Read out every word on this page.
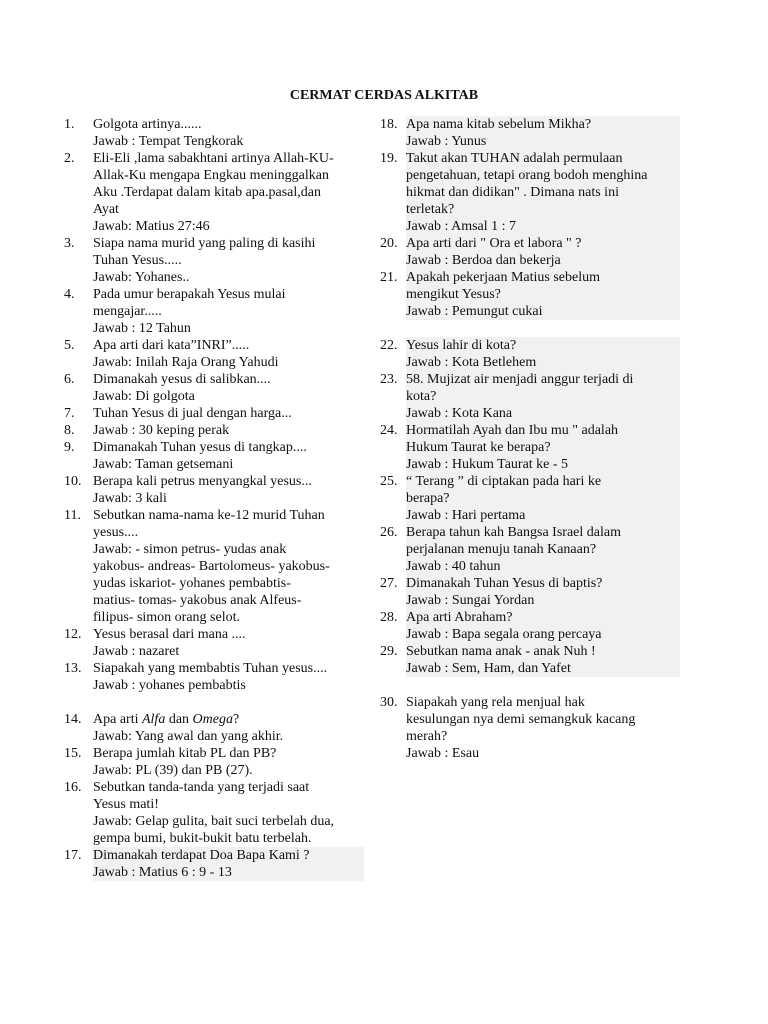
CERMAT CERDAS ALKITAB
1.	Golgota artinya......
Jawab : Tempat Tengkorak
2.	Eli-Eli ,lama sabakhtani artinya Allah-KU-
Allak-Ku mengapa Engkau meninggalkan
Aku .Terdapat dalam kitab apa.pasal,dan
Ayat
Jawab: Matius 27:46
3.	Siapa nama murid yang paling di kasihi
Tuhan Yesus.....
Jawab: Yohanes..
4.	Pada umur berapakah Yesus mulai
mengajar.....
Jawab : 12 Tahun
5.	Apa arti dari kata”INRI”.....
Jawab: Inilah Raja Orang Yahudi
6.	Dimanakah yesus di salibkan....
Jawab: Di golgota
7.	Tuhan Yesus di jual dengan harga...
8.	Jawab : 30 keping perak
9.	Dimanakah Tuhan yesus di tangkap....
Jawab: Taman getsemani
10. Berapa kali petrus menyangkal yesus...
Jawab: 3 kali
11. Sebutkan nama-nama ke-12 murid Tuhan
yesus....
Jawab: - simon petrus- yudas anak
yakobus- andreas- Bartolomeus- yakobus-
yudas iskariot- yohanes pembabtis-
matius- tomas- yakobus anak Alfeus-
filipus- simon orang selot.
12. Yesus berasal dari mana ....
Jawab : nazaret
13. Siapakah yang membabtis Tuhan yesus....
Jawab : yohanes pembabtis
14. Apa arti Alfa dan Omega?
Jawab: Yang awal dan yang akhir.
15. Berapa jumlah kitab PL dan PB?
Jawab: PL (39) dan PB (27).
16. Sebutkan tanda-tanda yang terjadi saat
Yesus mati!
Jawab: Gelap gulita, bait suci terbelah dua,
gempa bumi, bukit-bukit batu terbelah.
17. Dimanakah terdapat Doa Bapa Kami ?
Jawab : Matius 6 : 9 - 13
18. Apa nama kitab sebelum Mikha?
Jawab : Yunus
19. Takut akan TUHAN adalah permulaan
pengetahuan, tetapi orang bodoh menghina
hikmat dan didikan" . Dimana nats ini
terletak?
Jawab : Amsal 1 : 7
20. Apa arti dari " Ora et labora " ?
Jawab : Berdoa dan bekerja
21. Apakah pekerjaan Matius sebelum
mengikut Yesus?
Jawab : Pemungut cukai
22. Yesus lahir di kota?
Jawab : Kota Betlehem
23. 58. Mujizat air menjadi anggur terjadi di
kota?
Jawab : Kota Kana
24. Hormatilah Ayah dan Ibu mu " adalah
Hukum Taurat ke berapa?
Jawab : Hukum Taurat ke - 5
25. “ Terang ” di ciptakan pada hari ke
berapa?
Jawab : Hari pertama
26. Berapa tahun kah Bangsa Israel dalam
perjalanan menuju tanah Kanaan?
Jawab : 40 tahun
27. Dimanakah Tuhan Yesus di baptis?
Jawab : Sungai Yordan
28. Apa arti Abraham?
Jawab : Bapa segala orang percaya
29. Sebutkan nama anak - anak Nuh !
Jawab : Sem, Ham, dan Yafet
30. Siapakah yang rela menjual hak
kesulungan nya demi semangkuk kacang
merah?
Jawab : Esau
